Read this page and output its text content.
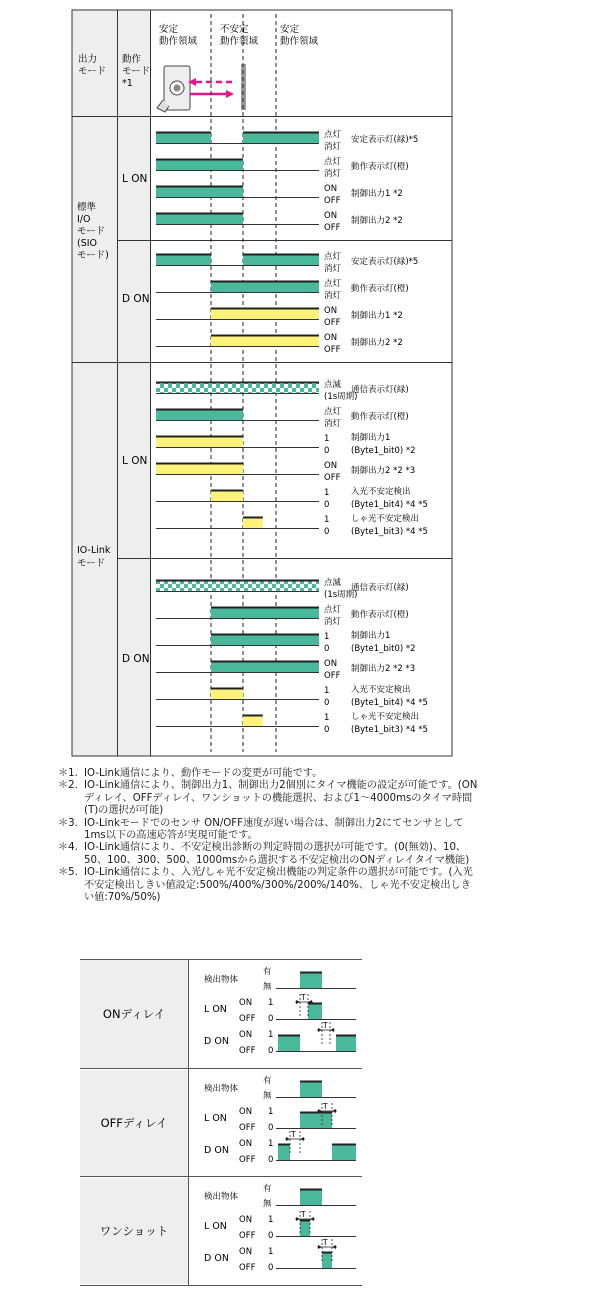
出力
モード
動作
モード
*1
安定
動作領域
不安定
動作領域
安定
動作領域
標準
I/O
モード
(SIO
モード)
IO-Link
モード
L ON
D ON
L ON
D ON
点灯
消灯
安定表示灯(緑)*5
点灯
消灯
動作表示灯(橙)
ON
OFF
制御出力1 *2
ON
OFF
制御出力2 *2
点灯
消灯
安定表示灯(緑)*5
点灯
消灯
動作表示灯(橙)
ON
OFF
制御出力1 *2
ON
OFF
制御出力2 *2
点滅
(1s周期)
通信表示灯(緑)
点灯
消灯
動作表示灯(橙)
1
0
制御出力1
(Byte1_bit0) *2
ON
OFF
制御出力2 *2 *3
1
0
入光不安定検出
(Byte1_bit4) *4 *5
1
0
しゃ光不安定検出
(Byte1_bit3) *4 *5
点滅
(1s周期)
通信表示灯(緑)
点灯
消灯
動作表示灯(橙)
1
0
制御出力1
(Byte1_bit0) *2
ON
OFF
制御出力2 *2 *3
1
0
入光不安定検出
(Byte1_bit4) *4 *5
1
0
しゃ光不安定検出
(Byte1_bit3) *4 *5
ONディレイ
OFFディレイ
ワンショット
検出物体
有
無
L ON
ON
OFF
1
0
D ON
ON
OFF
1
0
T
T
検出物体
有
無
L ON
ON
OFF
1
0
D ON
ON
OFF
1
0
T
T
検出物体
有
無
L ON
ON
OFF
1
0
D ON
ON
OFF
1
0
T
T
＊1. IO-Link通信により、動作モードの変更が可能です。
＊2. IO-Link通信により、制御出力1、制御出力2個別にタイマ機能の設定が可能です。(ONディレイ、OFFディレイ、ワンショットの機能選択、および1～4000msのタイマ時間(T)の選択が可能)
＊3. IO-Linkモードでのセンサ ON/OFF速度が遅い場合は、制御出力2にてセンサとして1ms以下の高速応答が実現可能です。
＊4. IO-Link通信により、不安定検出診断の判定時間の選択が可能です。(0(無効)、10、50、100、300、500、1000msから選択する不安定検出のONディレイタイマ機能)
＊5. IO-Link通信により、入光/しゃ光不安定検出機能の判定条件の選択が可能です。(入光不安定検出しきい値設定:500%/400%/300%/200%/140%、しゃ光不安定検出しきい値:70%/50%)
